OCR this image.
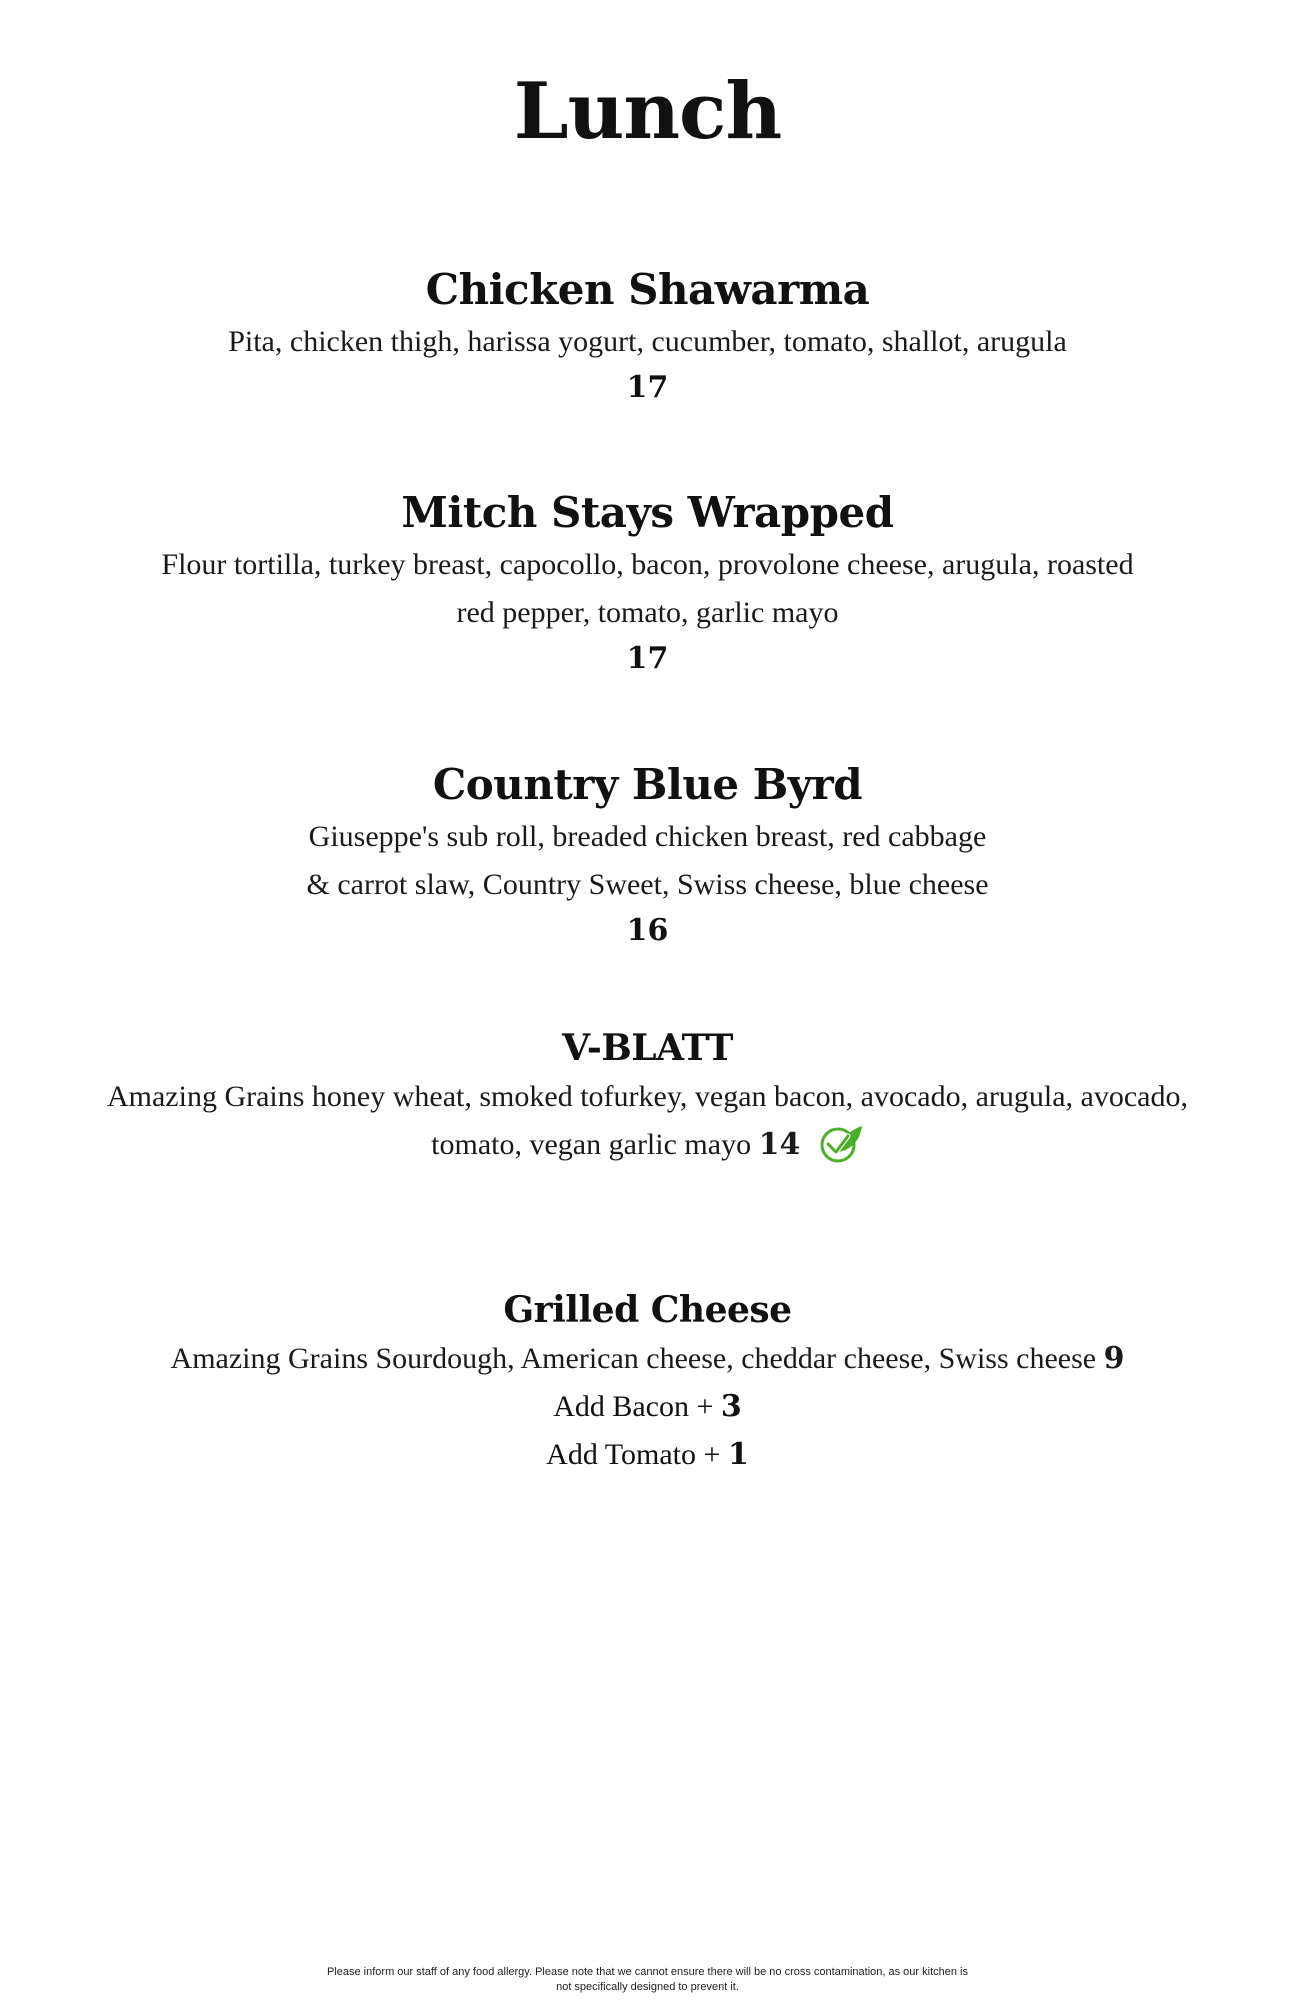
Lunch
Chicken Shawarma

Pita, chicken thigh, harissa yogurt, cucumber, tomato, shallot, arugula

17

Mitch Stays Wrapped

Flour tortilla, turkey breast, capocollo, bacon, provolone cheese, arugula, roasted

red pepper, tomato, garlic mayo

17

Country Blue Byrd

Giuseppe's sub roll, breaded chicken breast, red cabbage

& carrot slaw, Country Sweet, Swiss cheese, blue cheese

16

V-BLATT

Amazing Grains honey wheat, smoked tofurkey, vegan bacon, avocado, arugula, avocado,

tomato, vegan garlic mayo 14

Grilled Cheese

Amazing Grains Sourdough, American cheese, cheddar cheese, Swiss cheese 9

Add Bacon + 3

Add Tomato + 1

Please inform our staff of any food allergy. Please note that we cannot ensure there will be no cross contamination, as our kitchen is
not specifically designed to prevent it.
